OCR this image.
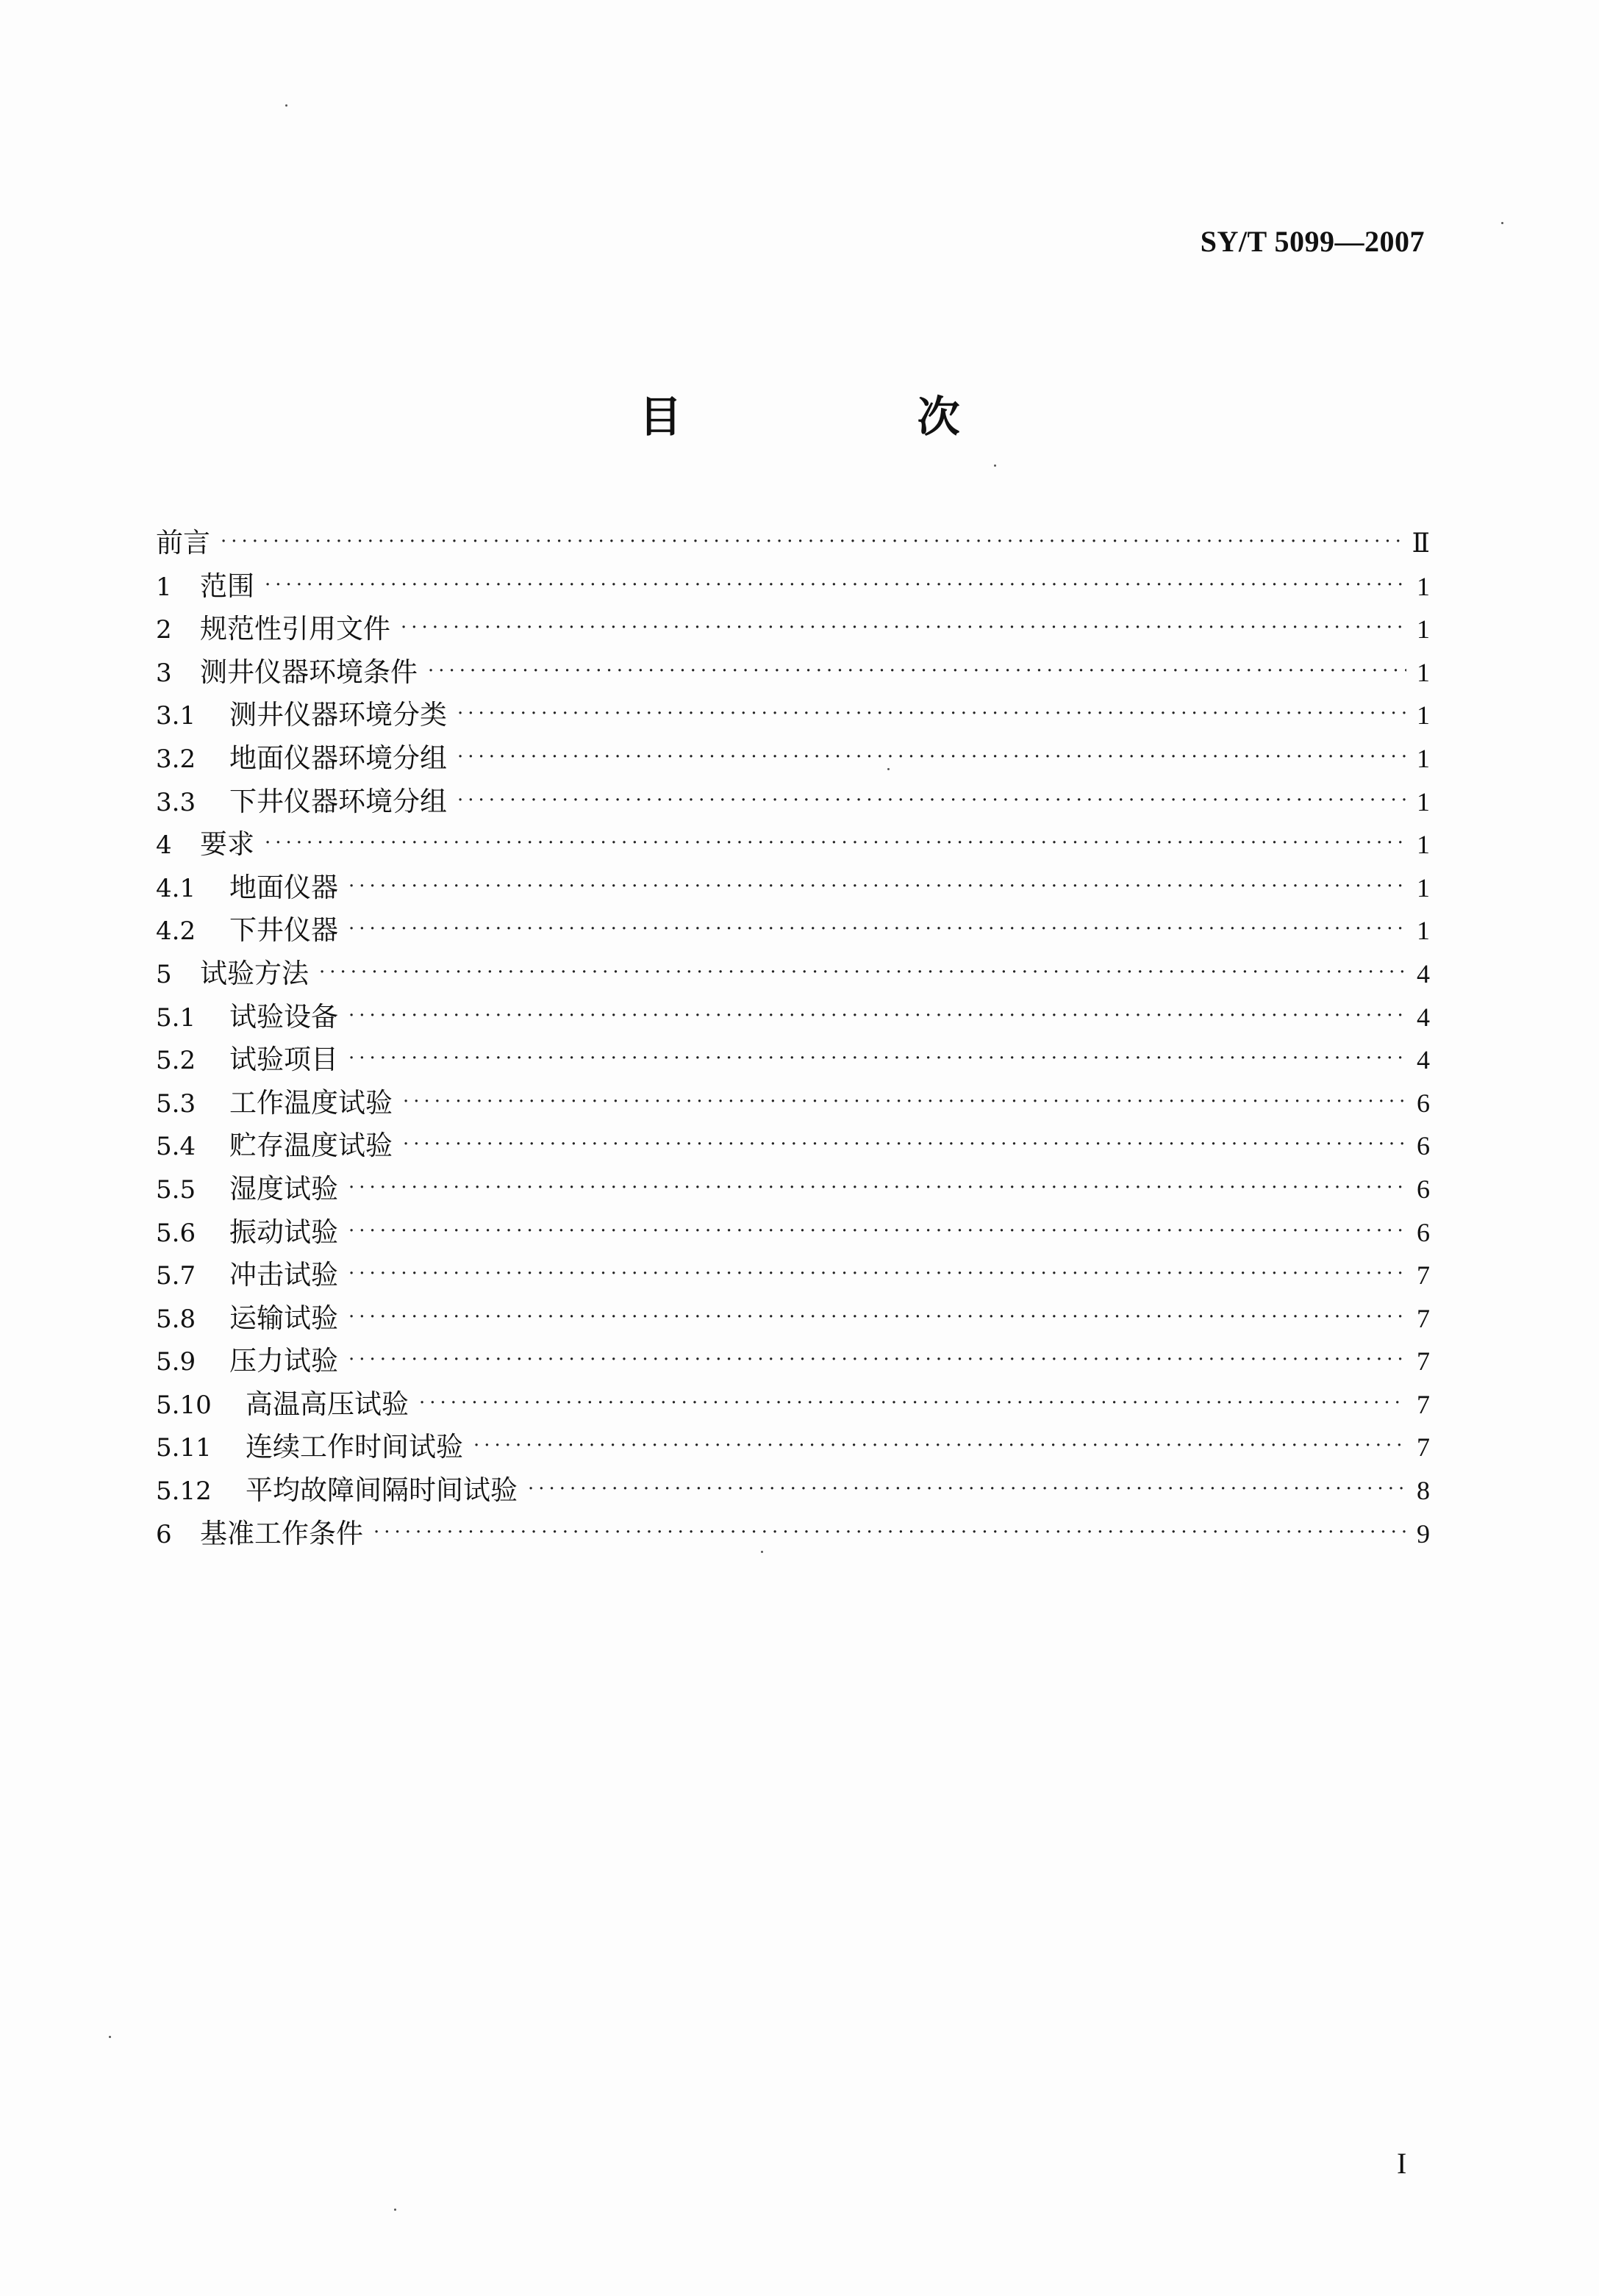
SY/T 5099—2007
目 次
前言 ·····	Ⅱ
1	范围 ·····	1
2	规范性引用文件 ·····	1
3	测井仪器环境条件 ·····	1
3.1	测井仪器环境分类 ·····	1
3.2	地面仪器环境分组 ·····	1
3.3	下井仪器环境分组 ·····	1
4	要求 ·····	1
4.1	地面仪器 ·····	1
4.2	下井仪器 ·····	1
5	试验方法 ·····	4
5.1	试验设备 ·····	4
5.2	试验项目 ·····	4
5.3	工作温度试验 ·····	6
5.4	贮存温度试验 ·····	6
5.5	湿度试验 ·····	6
5.6	振动试验 ·····	6
5.7	冲击试验 ·····	7
5.8	运输试验 ·····	7
5.9	压力试验 ·····	7
5.10	高温高压试验 ·····	7
5.11	连续工作时间试验 ·····	7
5.12	平均故障间隔时间试验 ·····	8
6	基准工作条件 ·····	9
I
